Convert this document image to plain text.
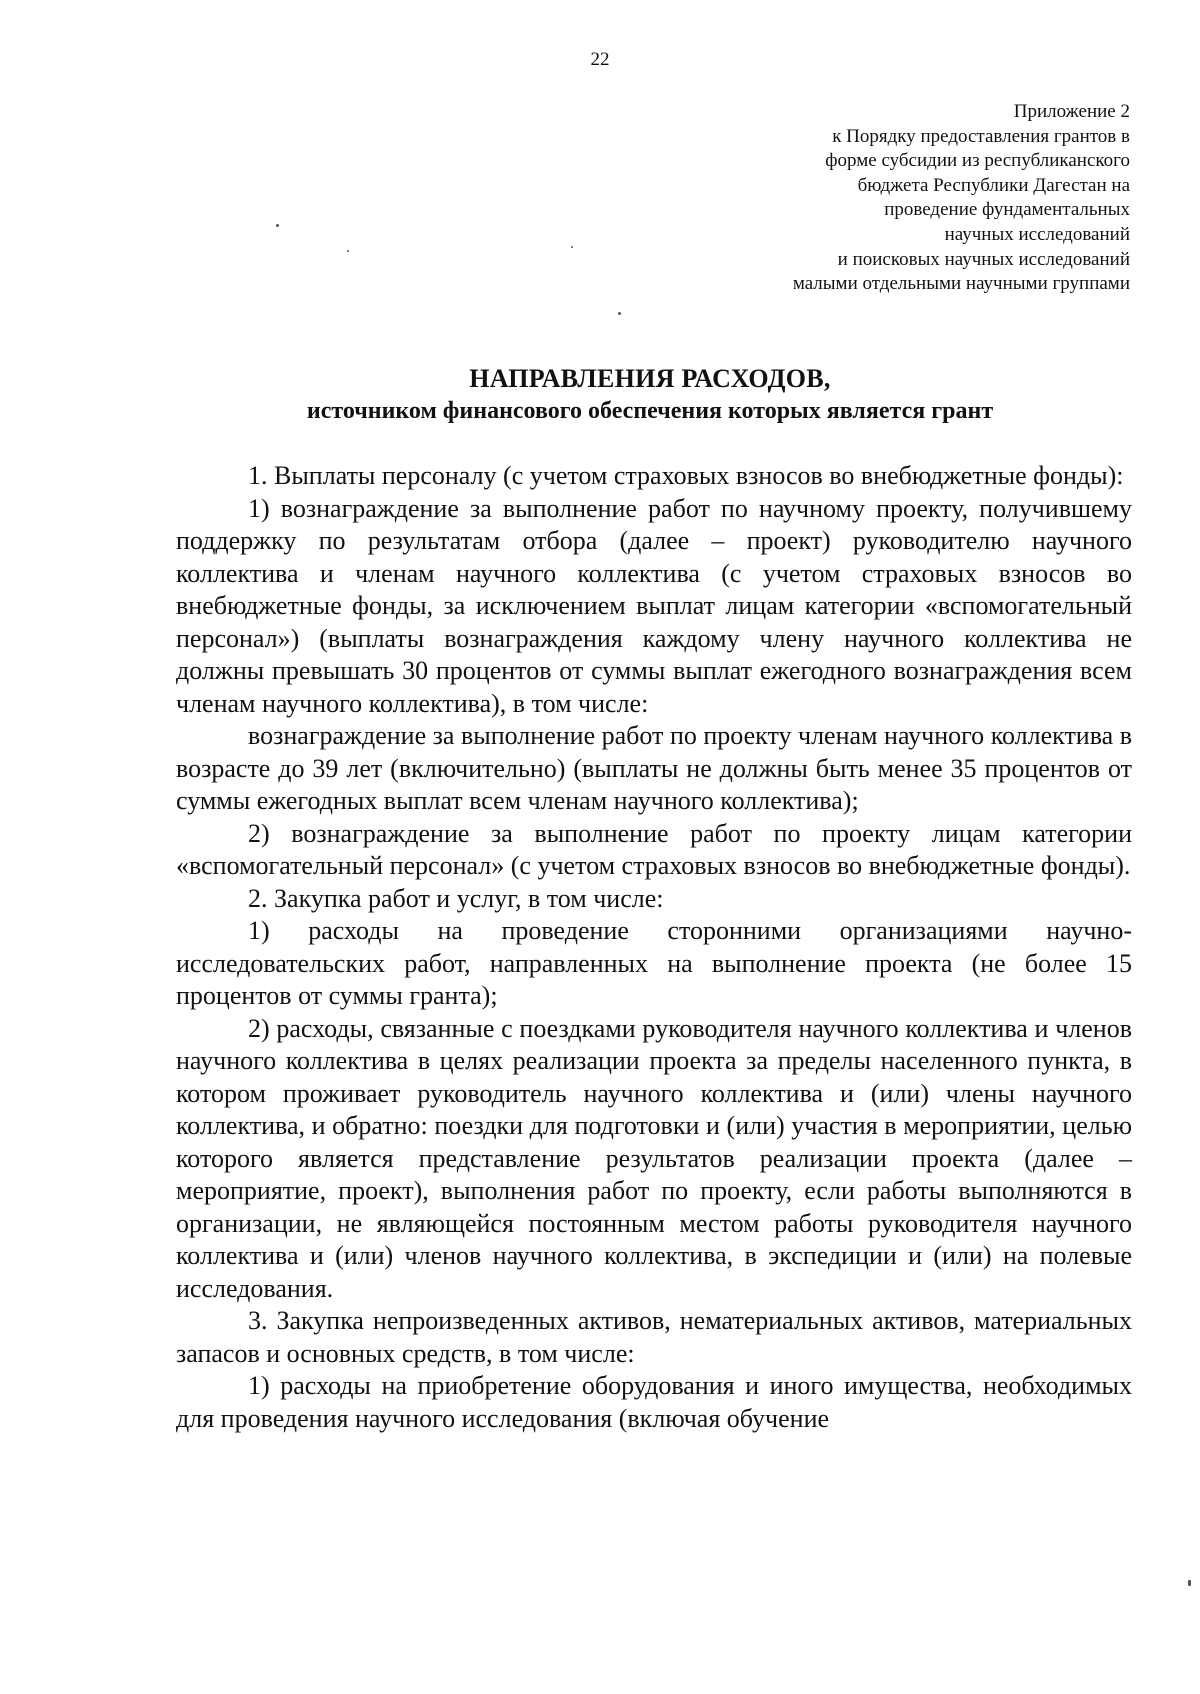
22
Приложение 2
к Порядку предоставления грантов в
форме субсидии из республиканского
бюджета Республики Дагестан на
проведение фундаментальных
научных исследований
и поисковых научных исследований
малыми отдельными научными группами
НАПРАВЛЕНИЯ РАСХОДОВ,
источником финансового обеспечения которых является грант

1. Выплаты персоналу (с учетом страховых взносов во внебюджетные фонды):

1) вознаграждение за выполнение работ по научному проекту, получившему поддержку по результатам отбора (далее – проект) руководителю научного коллектива и членам научного коллектива (с учетом страховых взносов во внебюджетные фонды, за исключением выплат лицам категории «вспомогательный персонал») (выплаты вознаграждения каждому члену научного коллектива не должны превышать 30 процентов от суммы выплат ежегодного вознаграждения всем членам научного коллектива), в том числе:

вознаграждение за выполнение работ по проекту членам научного коллектива в возрасте до 39 лет (включительно) (выплаты не должны быть менее 35 процентов от суммы ежегодных выплат всем членам научного коллектива);

2) вознаграждение за выполнение работ по проекту лицам категории «вспомогательный персонал» (с учетом страховых взносов во внебюджетные фонды).

2. Закупка работ и услуг, в том числе:

1) расходы на проведение сторонними организациями научно-исследовательских работ, направленных на выполнение проекта (не более 15 процентов от суммы гранта);

2) расходы, связанные с поездками руководителя научного коллектива и членов научного коллектива в целях реализации проекта за пределы населенного пункта, в котором проживает руководитель научного коллектива и (или) члены научного коллектива, и обратно: поездки для подготовки и (или) участия в мероприятии, целью которого является представление результатов реализации проекта (далее – мероприятие, проект), выполнения работ по проекту, если работы выполняются в организации, не являющейся постоянным местом работы руководителя научного коллектива и (или) членов научного коллектива, в экспедиции и (или) на полевые исследования.

3. Закупка непроизведенных активов, нематериальных активов, материальных запасов и основных средств, в том числе:

1) расходы на приобретение оборудования и иного имущества, необходимых для проведения научного исследования (включая обучение
